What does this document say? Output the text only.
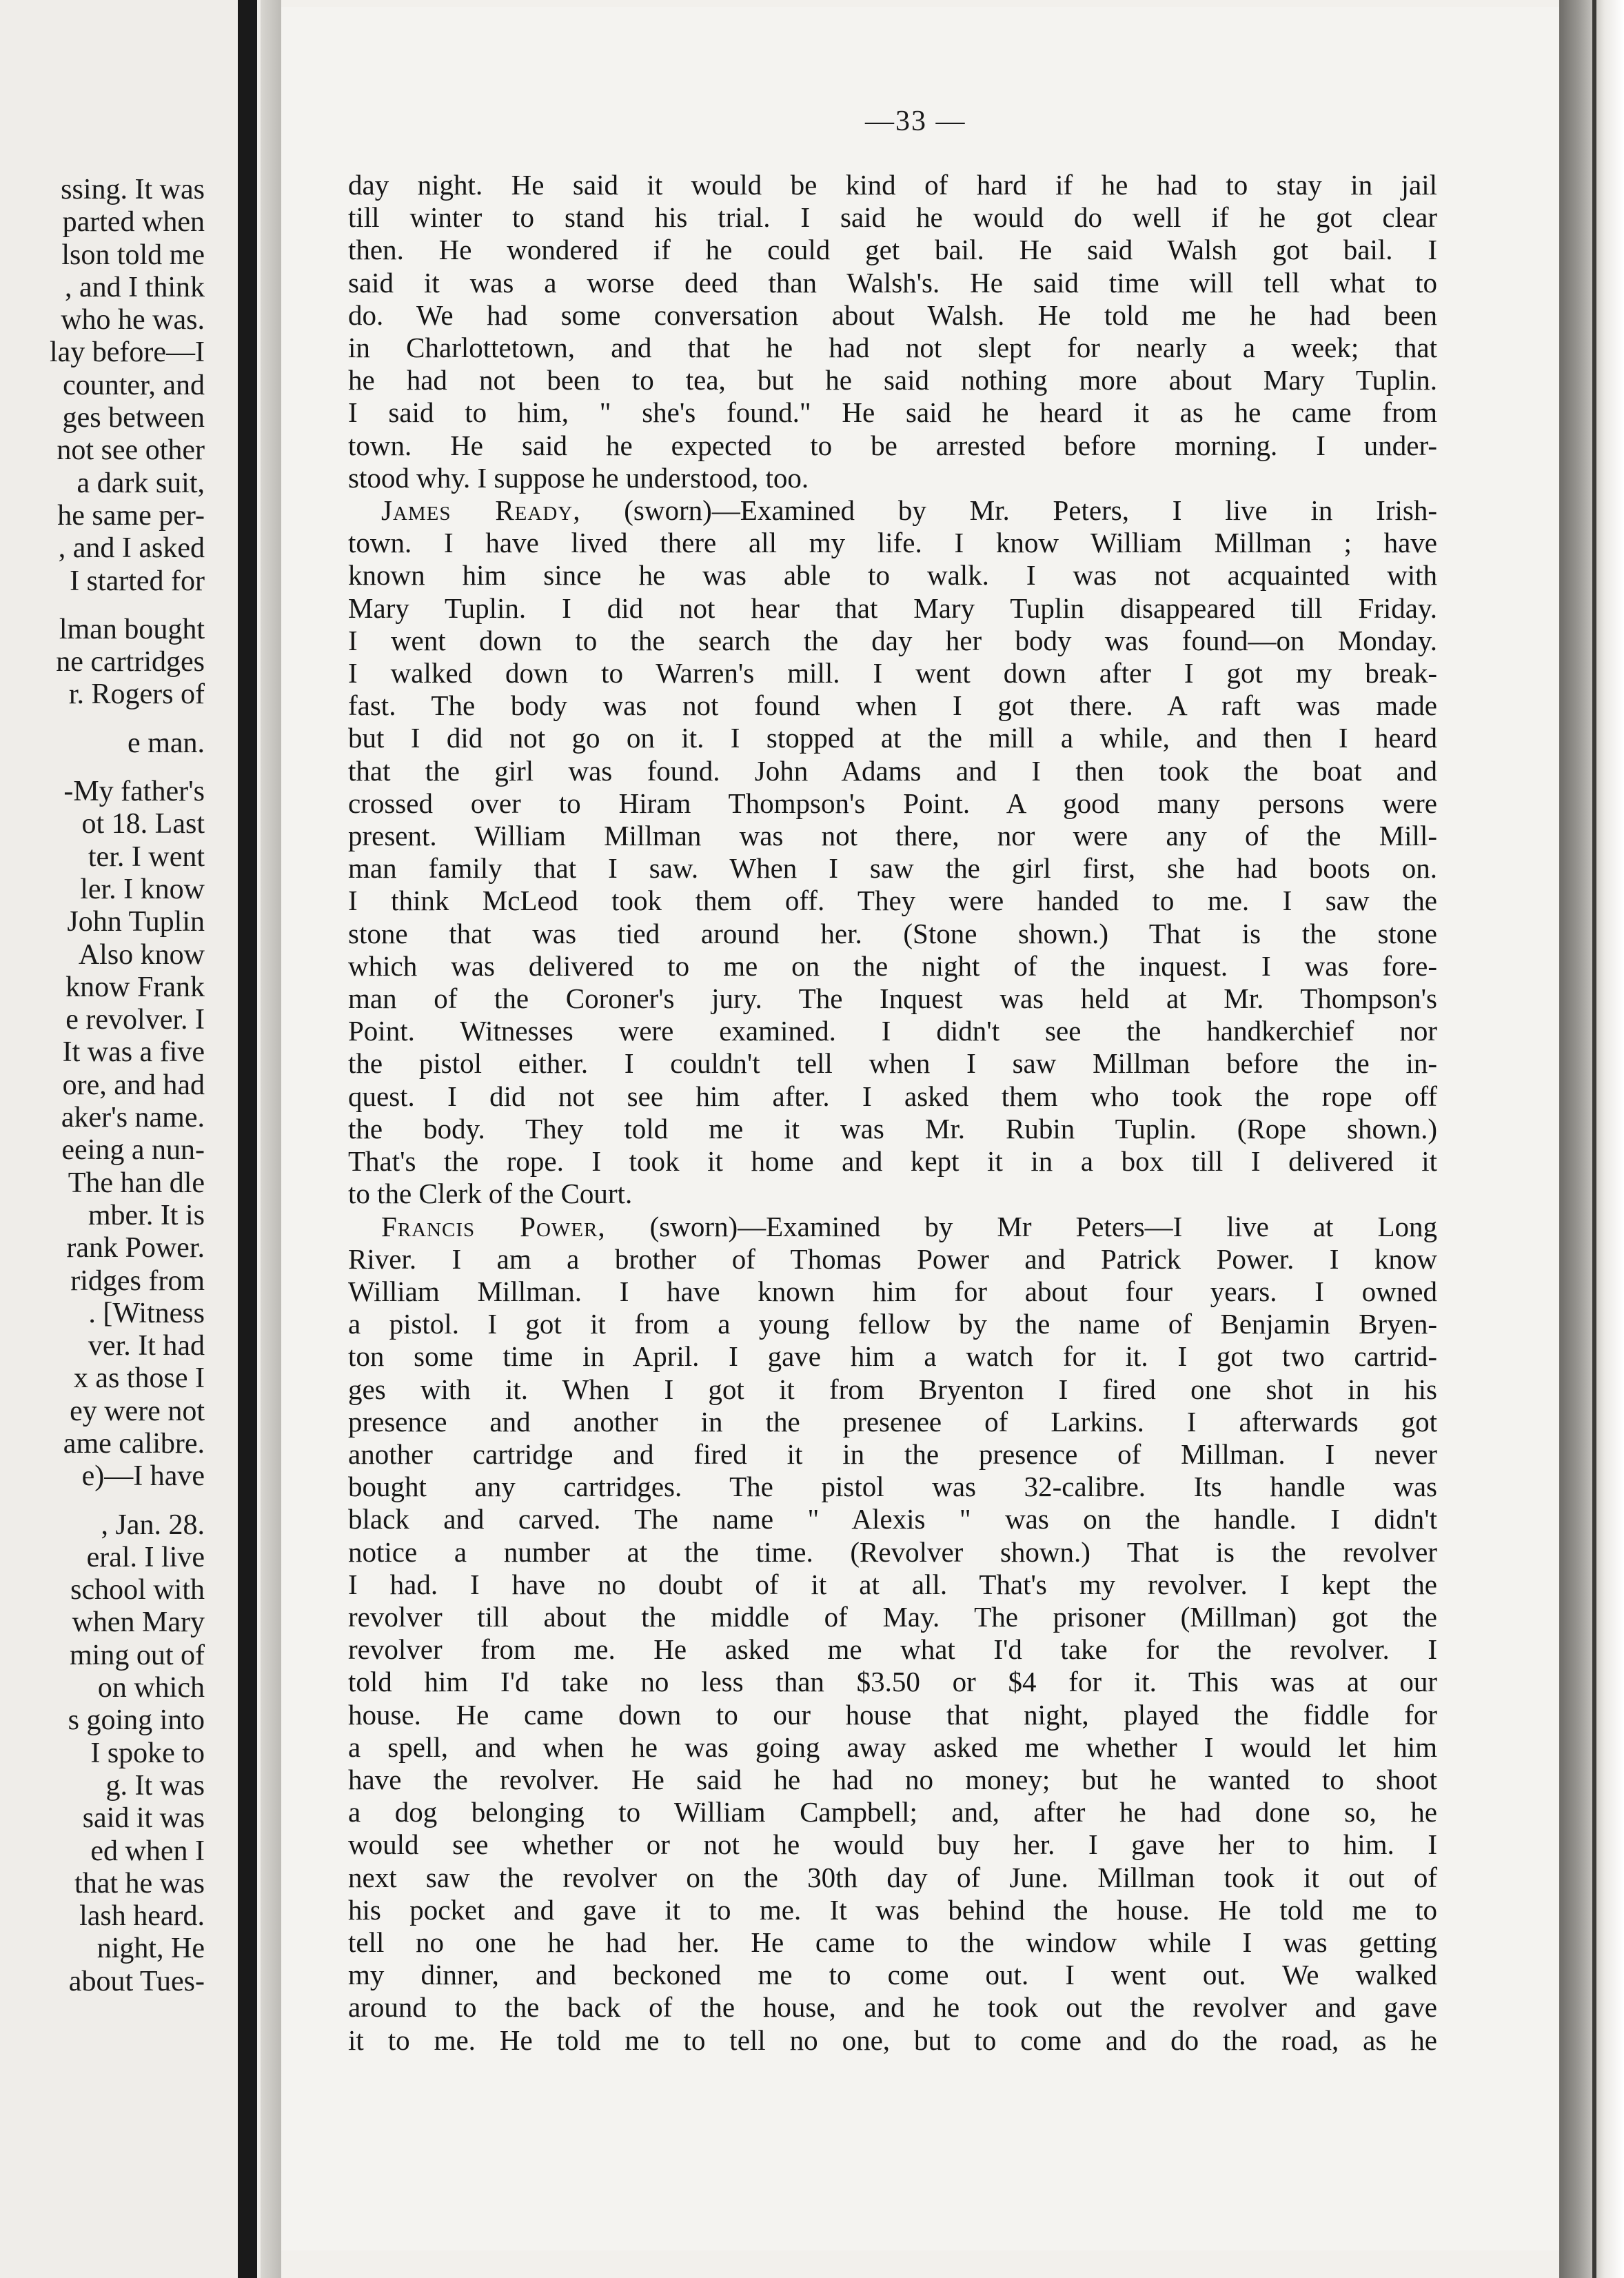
ssing. It was
parted when
lson told me
, and I think
who he was.
lay before—I
counter, and
ges between
not see other
a dark suit,
he same per-
, and I asked
I started for
lman bought
ne cartridges
r. Rogers of
e man.
-My father's
ot 18. Last
ter. I went
ler. I know
John Tuplin
Also know
know Frank
e revolver. I
It was a five
ore, and had
aker's name.
eeing a nun-
The han dle
mber. It is
rank Power.
ridges from
. [Witness
ver. It had
x as those I
ey were not
ame calibre.
e)—I have
, Jan. 28.
eral. I live
school with
when Mary
ming out of
on which
s going into
I spoke to
g. It was
said it was
ed when I
that he was
lash heard.
night, He
about Tues-
—33 —
day night. He said it would be kind of hard if he had to stay in jail
till winter to stand his trial. I said he would do well if he got clear
then. He wondered if he could get bail. He said Walsh got bail. I
said it was a worse deed than Walsh's. He said time will tell what to
do. We had some conversation about Walsh. He told me he had been
in Charlottetown, and that he had not slept for nearly a week; that
he had not been to tea, but he said nothing more about Mary Tuplin.
I said to him, " she's found." He said he heard it as he came from
town. He said he expected to be arrested before morning. I under-
stood why. I suppose he understood, too.
James Ready, (sworn)—Examined by Mr. Peters, I live in Irish-
town. I have lived there all my life. I know William Millman ; have
known him since he was able to walk. I was not acquainted with
Mary Tuplin. I did not hear that Mary Tuplin disappeared till Friday.
I went down to the search the day her body was found—on Monday.
I walked down to Warren's mill. I went down after I got my break-
fast. The body was not found when I got there. A raft was made
but I did not go on it. I stopped at the mill a while, and then I heard
that the girl was found. John Adams and I then took the boat and
crossed over to Hiram Thompson's Point. A good many persons were
present. William Millman was not there, nor were any of the Mill-
man family that I saw. When I saw the girl first, she had boots on.
I think McLeod took them off. They were handed to me. I saw the
stone that was tied around her. (Stone shown.) That is the stone
which was delivered to me on the night of the inquest. I was fore-
man of the Coroner's jury. The Inquest was held at Mr. Thompson's
Point. Witnesses were examined. I didn't see the handkerchief nor
the pistol either. I couldn't tell when I saw Millman before the in-
quest. I did not see him after. I asked them who took the rope off
the body. They told me it was Mr. Rubin Tuplin. (Rope shown.)
That's the rope. I took it home and kept it in a box till I delivered it
to the Clerk of the Court.
Francis Power, (sworn)—Examined by Mr Peters—I live at Long
River. I am a brother of Thomas Power and Patrick Power. I know
William Millman. I have known him for about four years. I owned
a pistol. I got it from a young fellow by the name of Benjamin Bryen-
ton some time in April. I gave him a watch for it. I got two cartrid-
ges with it. When I got it from Bryenton I fired one shot in his
presence and another in the presenee of Larkins. I afterwards got
another cartridge and fired it in the presence of Millman. I never
bought any cartridges. The pistol was 32-calibre. Its handle was
black and carved. The name " Alexis " was on the handle. I didn't
notice a number at the time. (Revolver shown.) That is the revolver
I had. I have no doubt of it at all. That's my revolver. I kept the
revolver till about the middle of May. The prisoner (Millman) got the
revolver from me. He asked me what I'd take for the revolver. I
told him I'd take no less than $3.50 or $4 for it. This was at our
house. He came down to our house that night, played the fiddle for
a spell, and when he was going away asked me whether I would let him
have the revolver. He said he had no money; but he wanted to shoot
a dog belonging to William Campbell; and, after he had done so, he
would see whether or not he would buy her. I gave her to him. I
next saw the revolver on the 30th day of June. Millman took it out of
his pocket and gave it to me. It was behind the house. He told me to
tell no one he had her. He came to the window while I was getting
my dinner, and beckoned me to come out. I went out. We walked
around to the back of the house, and he took out the revolver and gave
it to me. He told me to tell no one, but to come and do the road, as he
